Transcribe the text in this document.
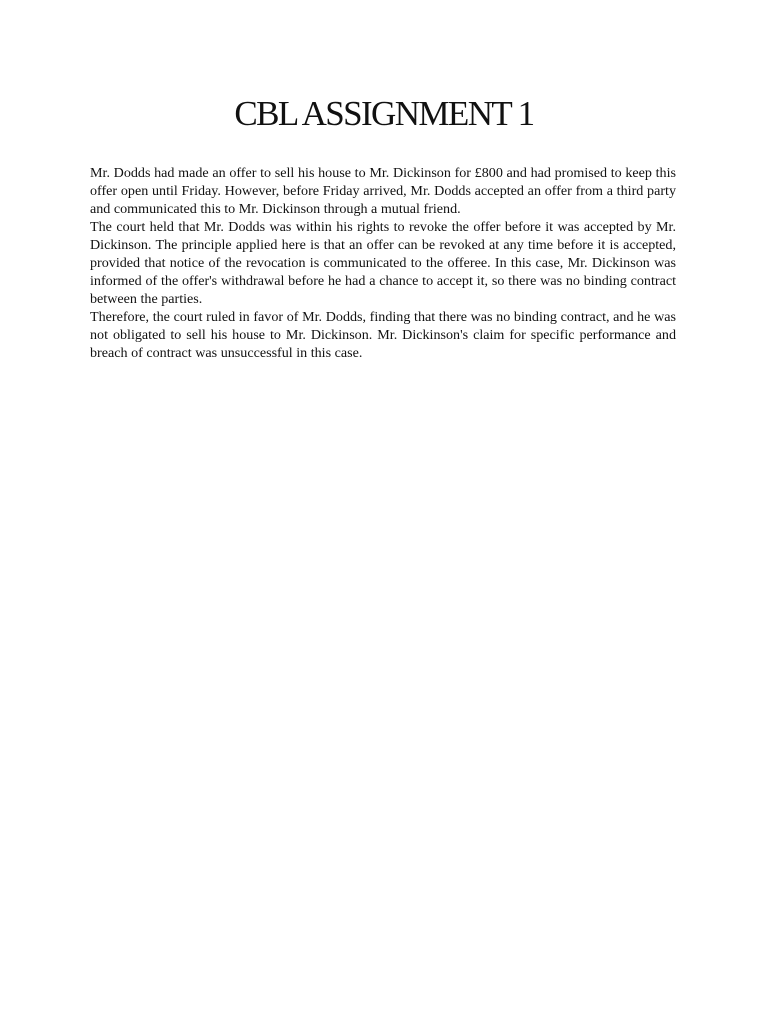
CBL ASSIGNMENT 1

Mr. Dodds had made an offer to sell his house to Mr. Dickinson for £800 and had promised to keep this offer open until Friday. However, before Friday arrived, Mr. Dodds accepted an offer from a third party and communicated this to Mr. Dickinson through a mutual friend.

The court held that Mr. Dodds was within his rights to revoke the offer before it was accepted by Mr. Dickinson. The principle applied here is that an offer can be revoked at any time before it is accepted, provided that notice of the revocation is communicated to the offeree. In this case, Mr. Dickinson was informed of the offer's withdrawal before he had a chance to accept it, so there was no binding contract between the parties.

Therefore, the court ruled in favor of Mr. Dodds, finding that there was no binding contract, and he was not obligated to sell his house to Mr. Dickinson. Mr. Dickinson's claim for specific performance and breach of contract was unsuccessful in this case.
